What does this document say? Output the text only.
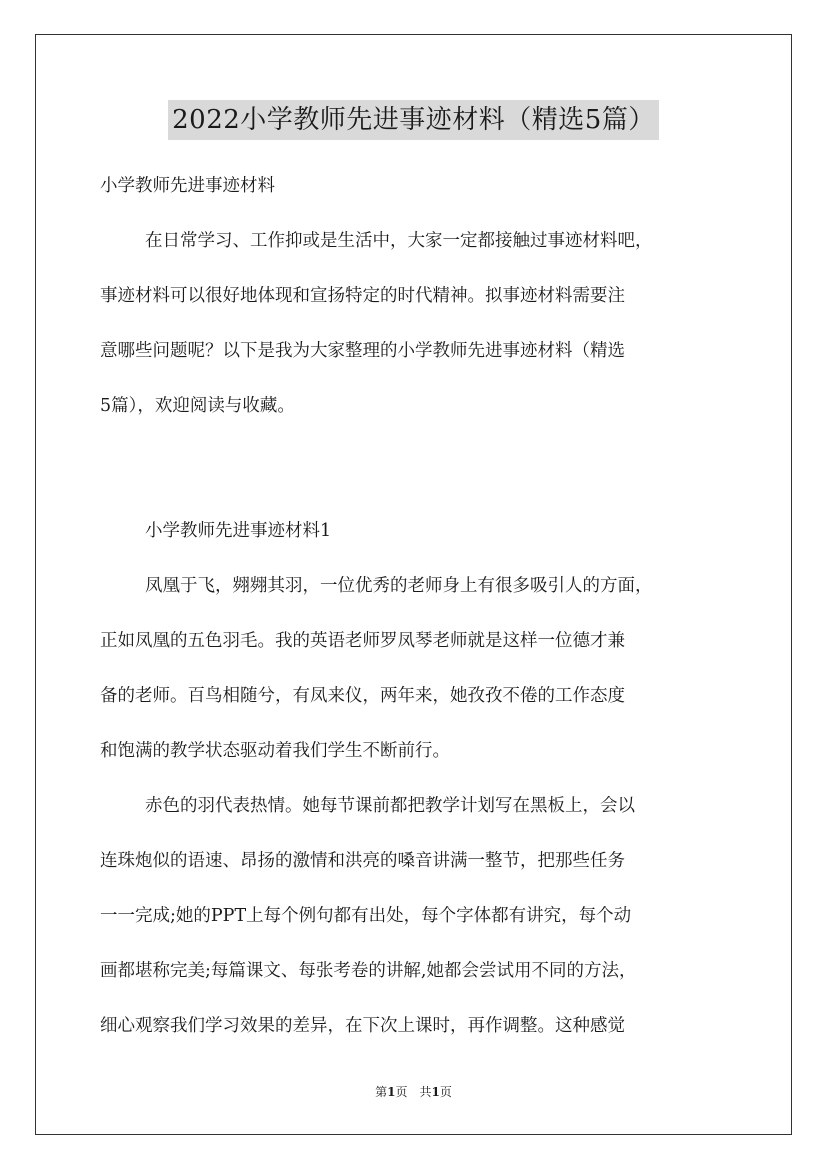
2022小学教师先进事迹材料（精选5篇）
小学教师先进事迹材料
在日常学习、工作抑或是生活中，大家一定都接触过事迹材料吧，
事迹材料可以很好地体现和宣扬特定的时代精神。拟事迹材料需要注
意哪些问题呢？以下是我为大家整理的小学教师先进事迹材料（精选
5篇），欢迎阅读与收藏。
小学教师先进事迹材料1
凤凰于飞，翙翙其羽，一位优秀的老师身上有很多吸引人的方面，
正如凤凰的五色羽毛。我的英语老师罗凤琴老师就是这样一位德才兼
备的老师。百鸟相随兮，有凤来仪，两年来，她孜孜不倦的工作态度
和饱满的教学状态驱动着我们学生不断前行。
赤色的羽代表热情。她每节课前都把教学计划写在黑板上，会以
连珠炮似的语速、昂扬的激情和洪亮的嗓音讲满一整节，把那些任务
一一完成;她的PPT上每个例句都有出处，每个字体都有讲究，每个动
画都堪称完美;每篇课文、每张考卷的讲解,她都会尝试用不同的方法，
细心观察我们学习效果的差异，在下次上课时，再作调整。这种感觉
第1页　共1页
